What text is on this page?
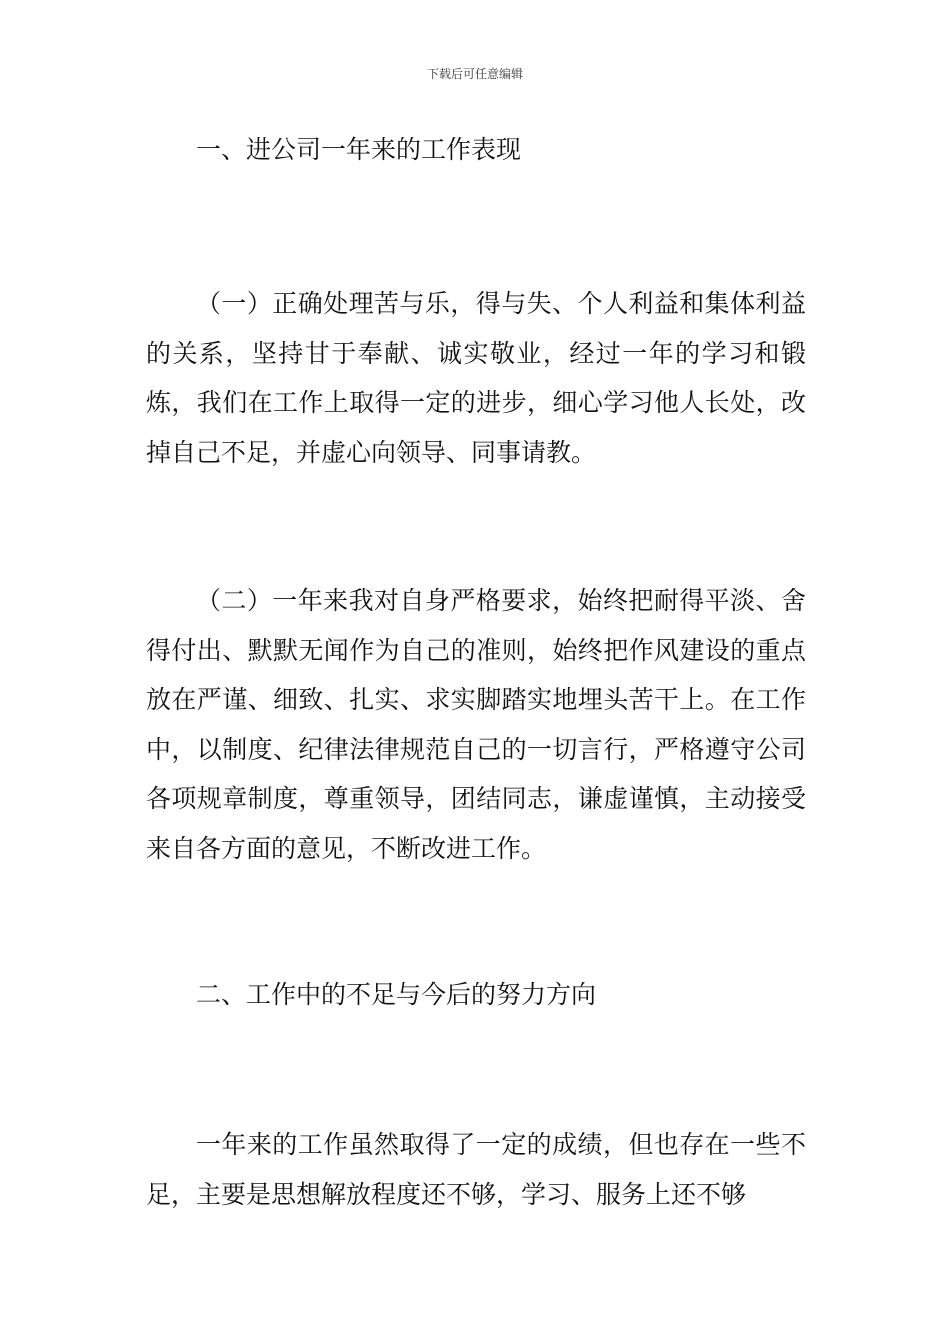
下载后可任意编辑
一、进公司一年来的工作表现
（一）正确处理苦与乐，得与失、个人利益和集体利益的关系，坚持甘于奉献、诚实敬业，经过一年的学习和锻炼，我们在工作上取得一定的进步，细心学习他人长处，改掉自己不足，并虚心向领导、同事请教。
（二）一年来我对自身严格要求，始终把耐得平淡、舍得付出、默默无闻作为自己的准则，始终把作风建设的重点放在严谨、细致、扎实、求实脚踏实地埋头苦干上。在工作中，以制度、纪律法律规范自己的一切言行，严格遵守公司各项规章制度，尊重领导，团结同志，谦虚谨慎，主动接受来自各方面的意见，不断改进工作。
二、工作中的不足与今后的努力方向
一年来的工作虽然取得了一定的成绩，但也存在一些不足，主要是思想解放程度还不够，学习、服务上还不够
